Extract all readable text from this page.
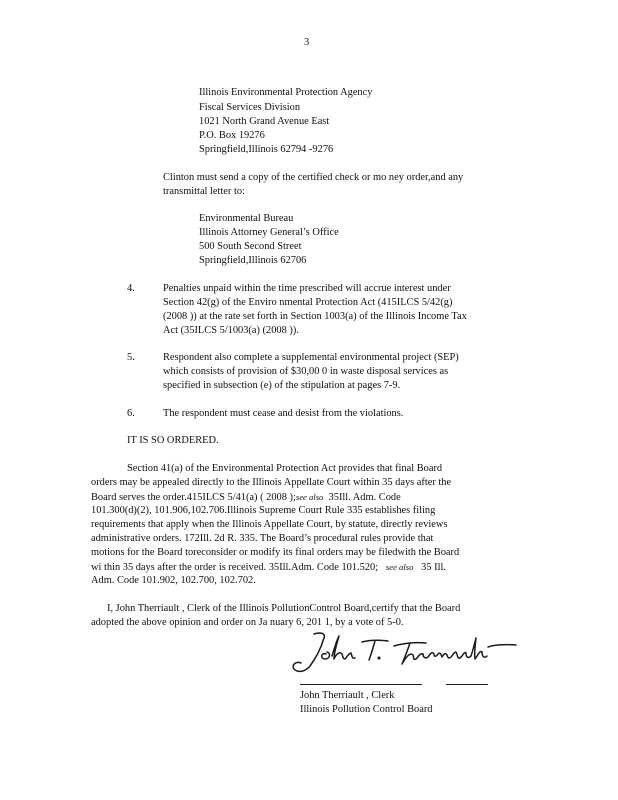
3
Illinois Environmental Protection Agency
Fiscal Services Division
1021 North Grand Avenue East
P.O. Box 19276
Springfield,Illinois 62794 -9276
Clinton must send a copy of the certified check or mo ney order,and any
transmittal letter to:
Environmental Bureau
Illinois Attorney General’s Office
500 South Second Street
Springfield,Illinois 62706
4.	Penalties unpaid within the time prescribed will accrue interest under
Section 42(g) of the Enviro nmental Protection Act (415ILCS 5/42(g)
(2008 )) at the rate set forth in Section 1003(a) of the Illinois Income Tax
Act (35ILCS 5/1003(a) (2008 )).
5.	Respondent also complete a supplemental environmental project (SEP)
which consists of provision of $30,00 0 in waste disposal services as
specified in subsection (e) of the stipulation at pages 7-9.
6.	The respondent must cease and desist from the violations.
IT IS SO ORDERED.
Section 41(a) of the Environmental Protection Act provides that final Board
orders may be appealed directly to the Illinois Appellate Court within 35 days after the
Board serves the order.415ILCS 5/41(a) ( 2008 );see also 35Ill. Adm. Code
101.300(d)(2), 101.906,102.706.Illinois Supreme Court Rule 335 establishes filing
requirements that apply when the Illinois Appellate Court, by statute, directly reviews
administrative orders. 172Ill. 2d R. 335. The Board’s procedural rules provide that
motions for the Board toreconsider or modify its final orders may be filedwith the Board
wi thin 35 days after the order is received. 35Ill.Adm. Code 101.520; see also 35 Ill.
Adm. Code 101.902, 102.700, 102.702.
I, John Therriault , Clerk of the Illinois PollutionControl Board,certify that the Board
adopted the above opinion and order on Ja nuary 6, 201 1, by a vote of 5-0.
John Therriault , Clerk
Illinois Pollution Control Board
